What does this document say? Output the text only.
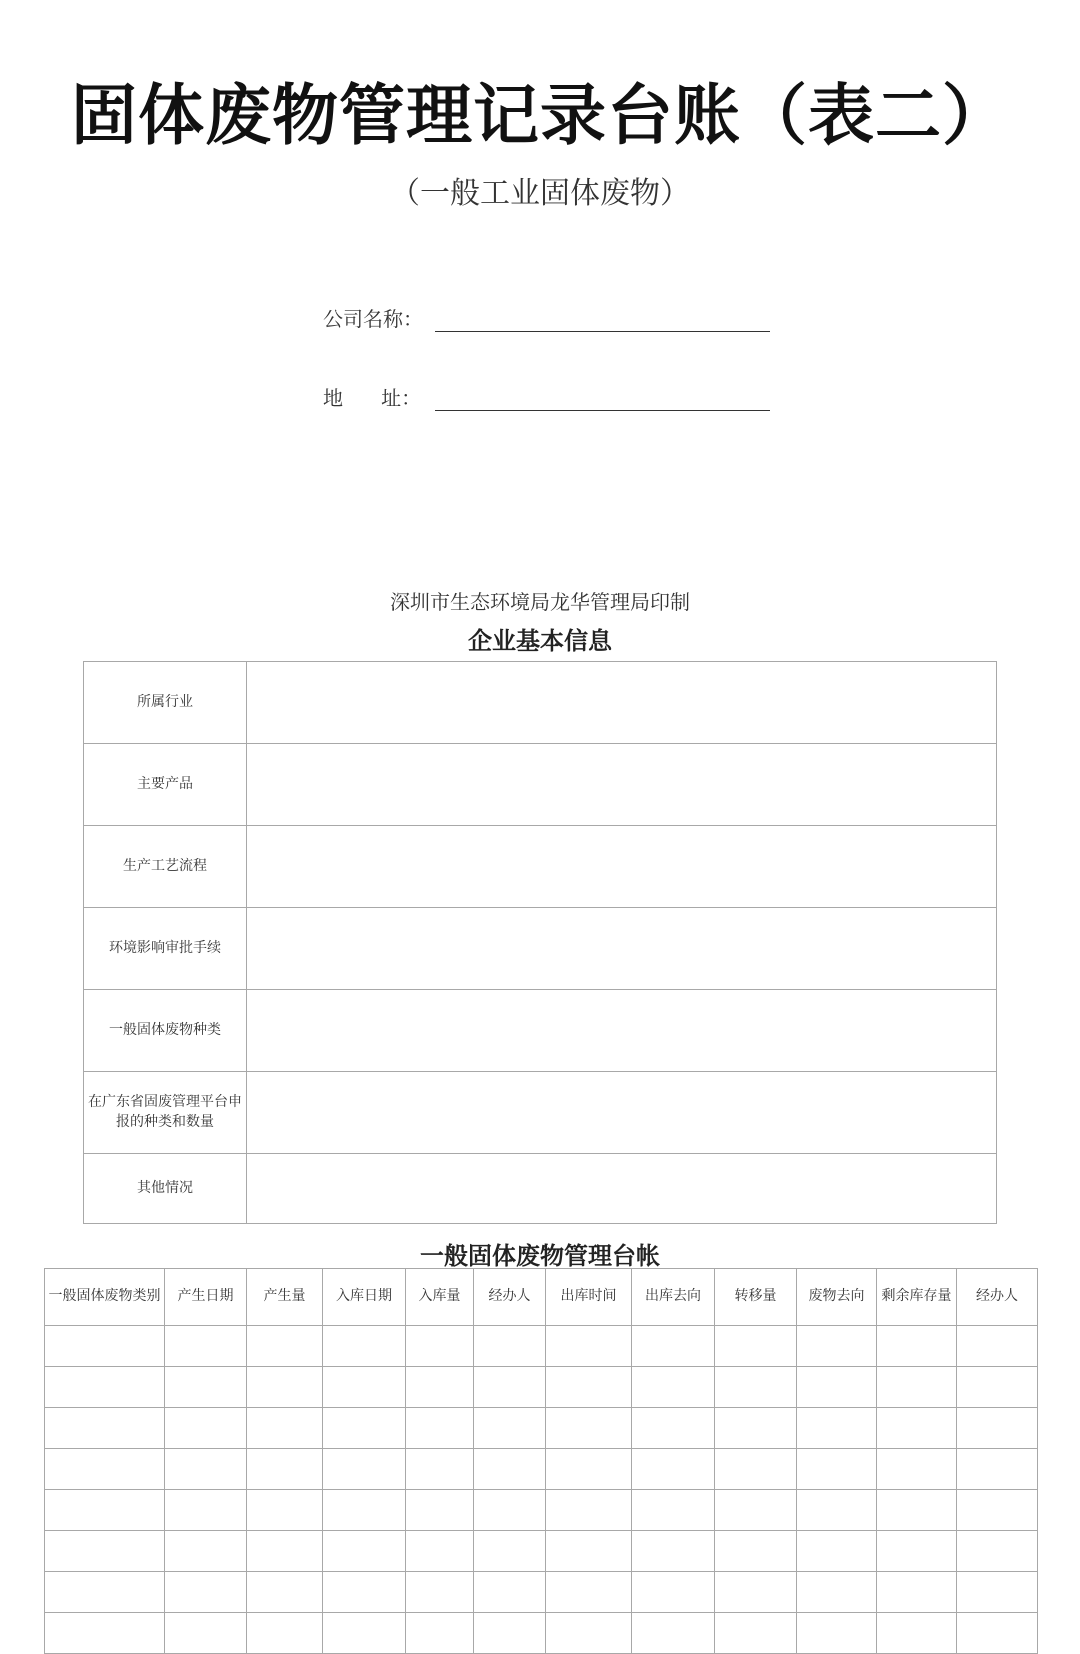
固体废物管理记录台账（表二）
（一般工业固体废物）
公司名称：
地      址：
深圳市生态环境局龙华管理局印制
企业基本信息
所属行业	
主要产品	
生产工艺流程	
环境影响审批手续	
一般固体废物种类	
在广东省固废管理平台申报的种类和数量	
其他情况	
一般固体废物管理台帐
一般固体废物类别	产生日期	产生量	入库日期	入库量	经办人	出库时间	出库去向	转移量	废物去向	剩余库存量	经办人
